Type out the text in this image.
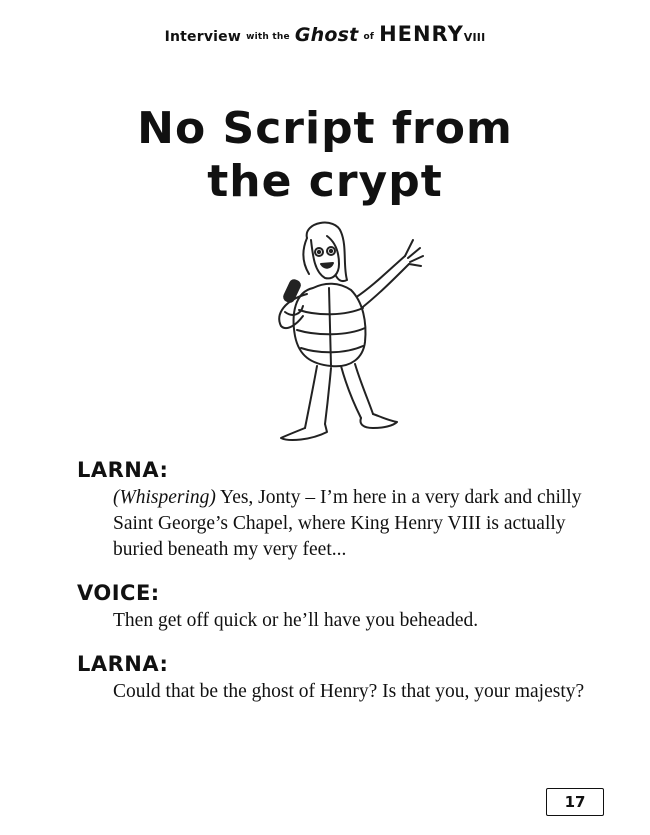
Interview with the Ghost of HENRYVIII
No Script from
the crypt

LARNA:

(Whispering) Yes, Jonty – I’m here in a very dark and chilly Saint George’s Chapel, where King Henry VIII is actually buried beneath my very feet...

VOICE:

Then get off quick or he’ll have you beheaded.

LARNA:

Could that be the ghost of Henry? Is that you, your majesty?

17
